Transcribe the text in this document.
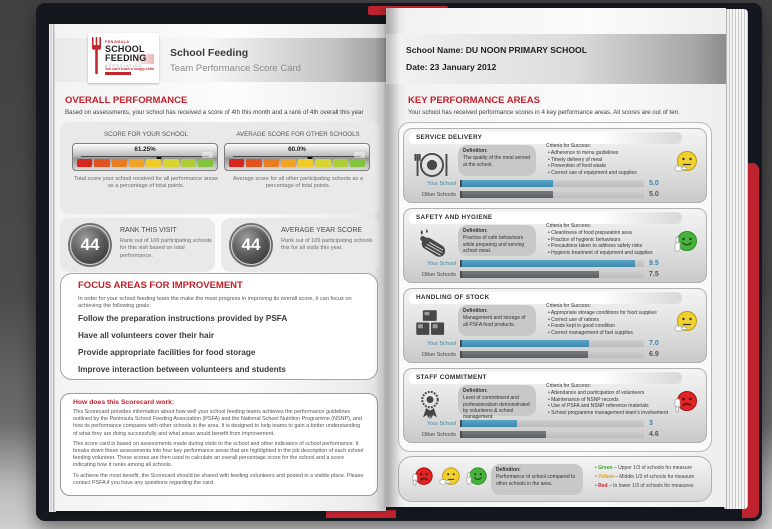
PENINSULA
SCHOOL
FEEDING
ASSOCIATION
You can't teach a hungry child
School Feeding
Team Performance Score Card
OVERALL PERFORMANCE
Based on assessments, your school has received a score of 4th this month and a rank of 4th overall this year
SCORE FOR YOUR SCHOOL
61.25%
Total score your school received for all performance areas as a percentage of total points.
AVERAGE SCORE FOR OTHER SCHOOLS
60.0%
Average score for all other participating schools as a percentage of total points.
44
RANK THIS VISIT
Rank out of 100 participating schools for this visit based on total performance.
44
AVERAGE YEAR SCORE
Rank out of 109 participating schools this for all visits this year.
FOCUS AREAS FOR IMPROVEMENT
In order for your school feeding team the make the most progress in improving its overall score, it can focus on achieving the following goals:
Follow the preparation instructions provided by PSFA
Have all volunteers cover their hair
Provide appropriate facilities for food storage
Improve interaction between volunteers and students
How does this Scorecard work:

This Scorecard provides information about how well your school feeding teams achieves the performance guidelines outlined by the Peninsula School Feeding Association (PSFA) and the National School Nutrition Programme (NSNP), and how its performance compares with other schools in the area. It is designed to help teams to gain a better understanding of what they are doing successfully and what areas would benefit from improvement.

This score card is based on assessments made during visits to the school and other indicators of school performance. It breaks down these assessments into four key performance areas that are highlighted in the job description of each school feeding volunteer. These scores are then used to calculate an overall percentage score for the school and a score indicating how it ranks among all schools.

To achieve the most benefit, the Scorecard should be shared with feeding volunteers and posted in a visible place. Please contact PSFA if you have any questions regarding the card.

School Name: DU NOON PRIMARY SCHOOL
Date: 23 January 2012
KEY PERFORMANCE AREAS
Your school has received performance scores in 4 key performance areas. All scores are out of ten.
SERVICE DELIVERY
Definition:
The quality of the meal served at the school.
Criteria for Success:
• Adherence to menu guidelines
• Timely delivery of meal
• Prevention of food waste
• Correct use of equipment and supplies
Your School	5.0
Other Schools	5.0
SAFETY AND HYGIENE
Definition:
Practice of safe behaviours while preparing and serving school meal.
Criteria for Success:
• Cleanliness of food preparation area
• Practice of hygienic behaviours
• Precautions taken to address safety risks
• Hygienic treatment of equipment and supplies
Your School	9.5
Other Schools	7.5
HANDLING OF STOCK
Definition:
Management and storage of all PSFA food products.
Criteria for Success:
• Appropriate storage conditions for food supplies
• Correct use of rations
• Foods kept in good condition
• Correct management of fuel supplies
Your School	7.0
Other Schools	6.9
STAFF COMMITMENT
Definition:
Level of commitment and professionalism demonstrated by volunteers & school management.
Criteria for Success:
• Attendance and participation of volunteers
• Maintenance of NSNP records
• Use of PSFA and NSNP reference materials
• School programme management team's involvement
Your School	3
Other Schools	4.6
Definition:
Performance of school compared to other schools in the area.
• Green – Upper 1/3 of schools for measure
• Yellow – Middle 1/3 of schools for measure
• Red – In lower 1/3 of schools for measures
